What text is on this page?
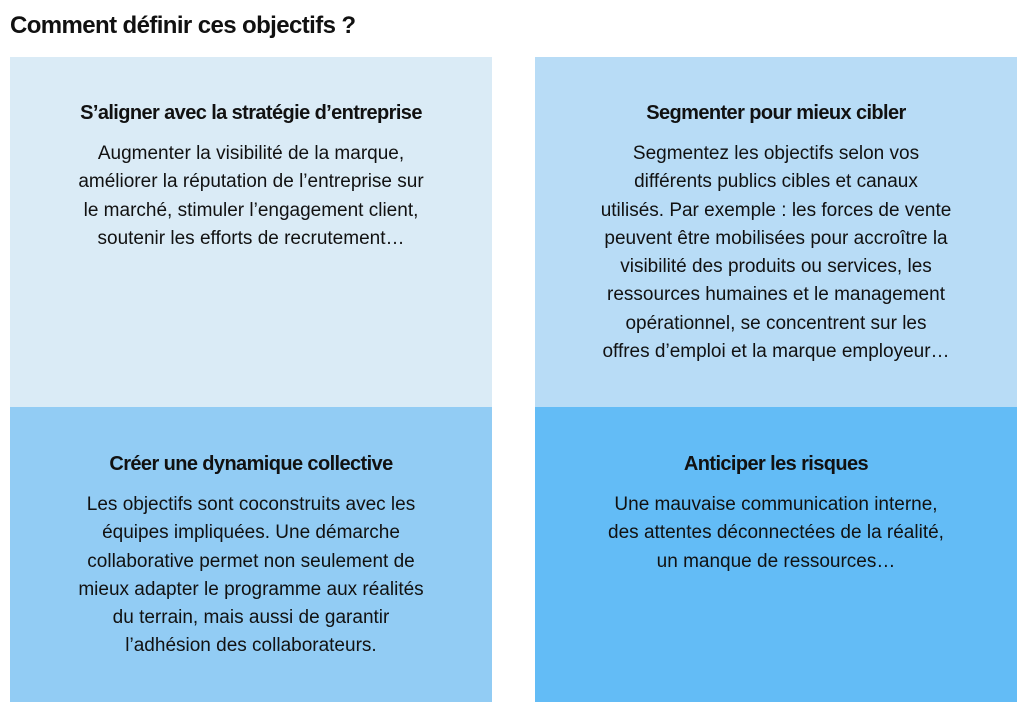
Comment définir ces objectifs ?
S’aligner avec la stratégie d’entreprise

Augmenter la visibilité de la marque,
améliorer la réputation de l’entreprise sur
le marché, stimuler l’engagement client,
soutenir les efforts de recrutement…

Segmenter pour mieux cibler

Segmentez les objectifs selon vos
différents publics cibles et canaux
utilisés. Par exemple : les forces de vente
peuvent être mobilisées pour accroître la
visibilité des produits ou services, les
ressources humaines et le management
opérationnel, se concentrent sur les
offres d’emploi et la marque employeur…

Créer une dynamique collective

Les objectifs sont coconstruits avec les
équipes impliquées. Une démarche
collaborative permet non seulement de
mieux adapter le programme aux réalités
du terrain, mais aussi de garantir
l’adhésion des collaborateurs.

Anticiper les risques

Une mauvaise communication interne,
des attentes déconnectées de la réalité,
un manque de ressources…
